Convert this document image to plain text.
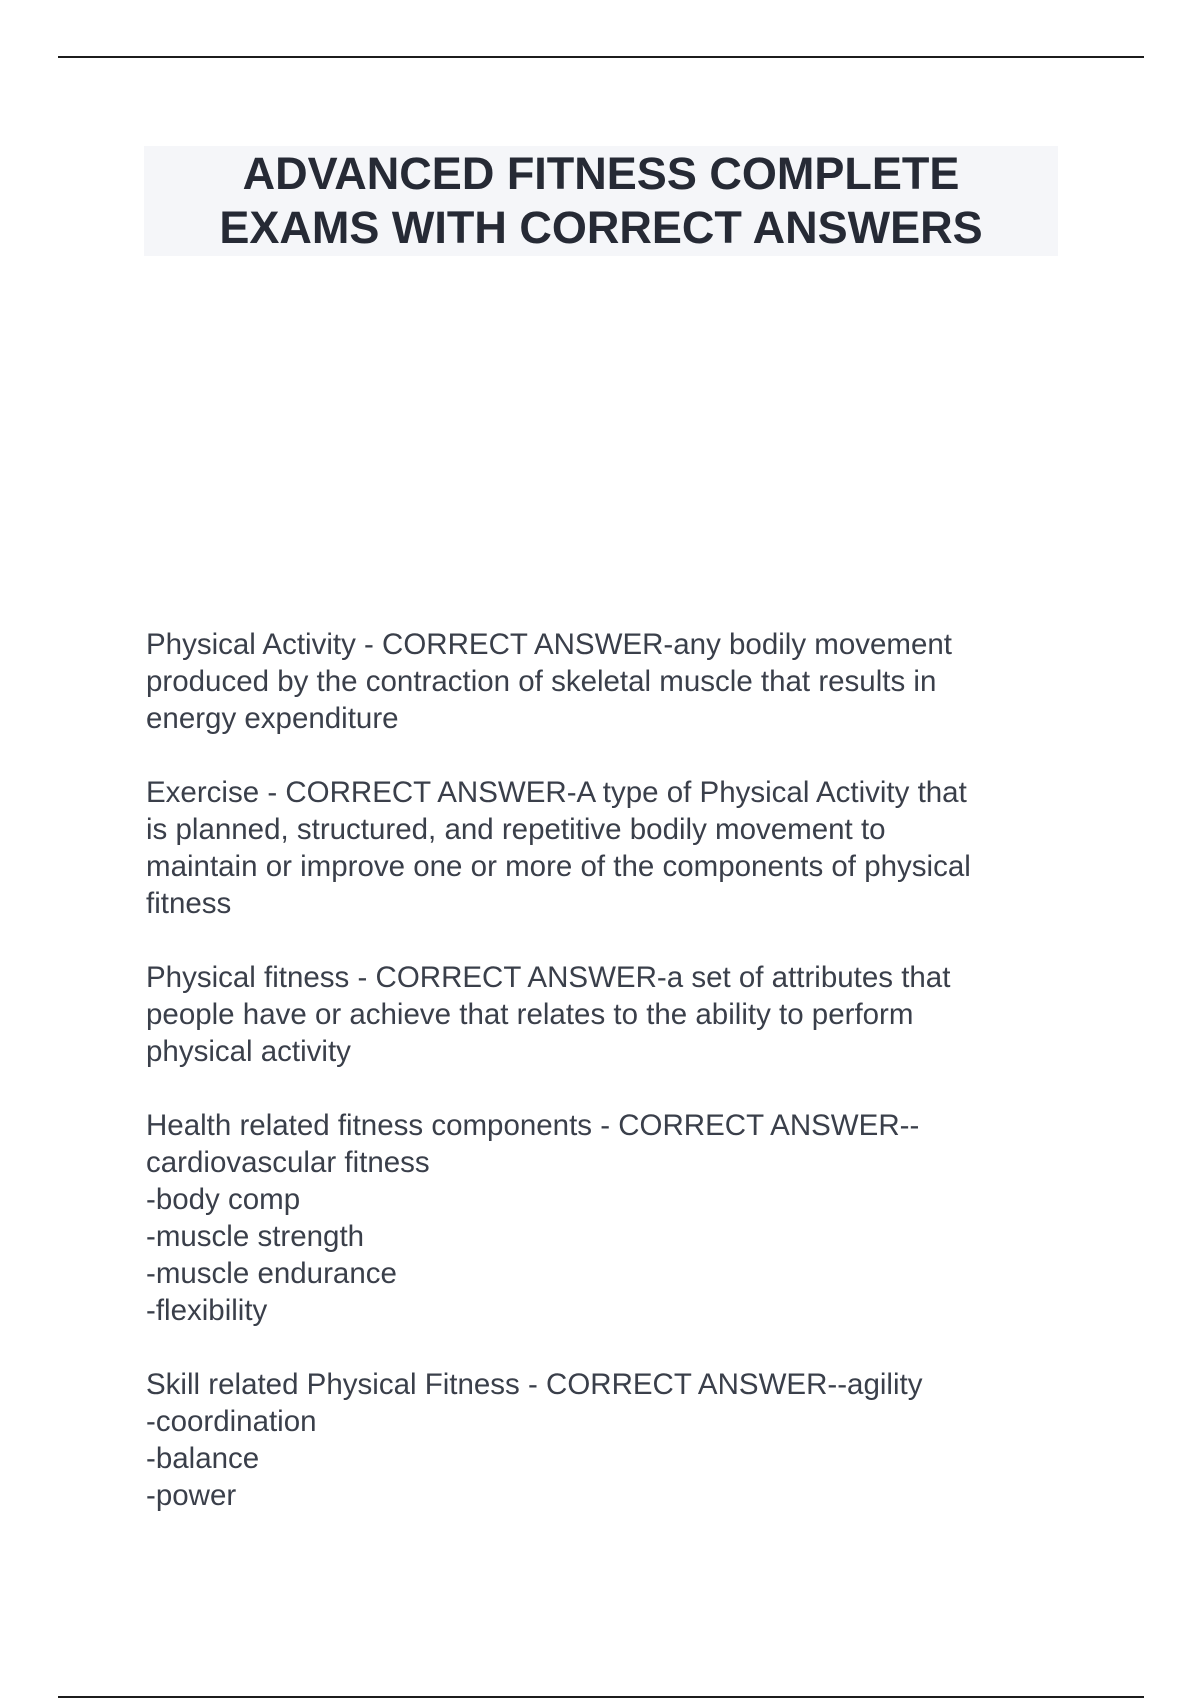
ADVANCED FITNESS COMPLETE
EXAMS WITH CORRECT ANSWERS

Physical Activity - CORRECT ANSWER-any bodily movement
produced by the contraction of skeletal muscle that results in
energy expenditure

Exercise - CORRECT ANSWER-A type of Physical Activity that
is planned, structured, and repetitive bodily movement to
maintain or improve one or more of the components of physical
fitness

Physical fitness - CORRECT ANSWER-a set of attributes that
people have or achieve that relates to the ability to perform
physical activity

Health related fitness components - CORRECT ANSWER--
cardiovascular fitness
-body comp
-muscle strength
-muscle endurance
-flexibility

Skill related Physical Fitness - CORRECT ANSWER--agility
-coordination
-balance
-power
